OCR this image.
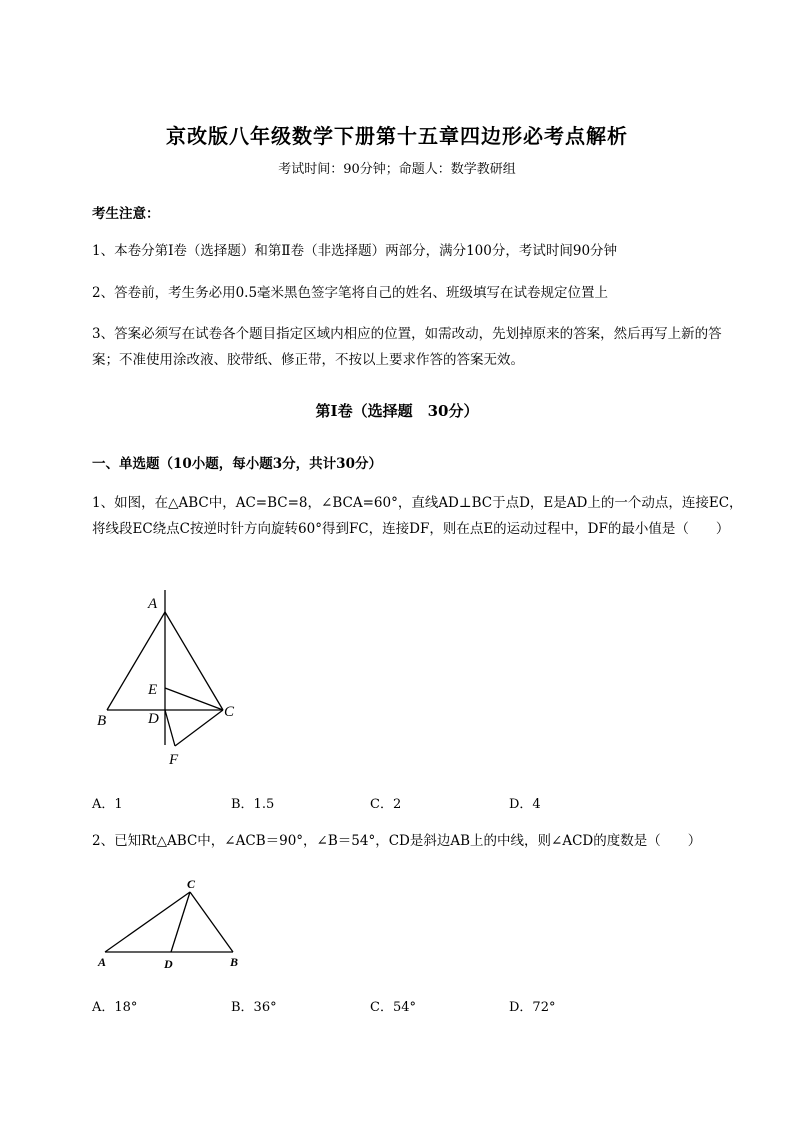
京改版八年级数学下册第十五章四边形必考点解析
考试时间：90分钟；命题人：数学教研组
考生注意：
1、本卷分第I卷（选择题）和第Ⅱ卷（非选择题）两部分，满分100分，考试时间90分钟
2、答卷前，考生务必用0.5毫米黑色签字笔将自己的姓名、班级填写在试卷规定位置上
3、答案必须写在试卷各个题目指定区域内相应的位置，如需改动，先划掉原来的答案，然后再写上新的答案；不准使用涂改液、胶带纸、修正带，不按以上要求作答的答案无效。
第I卷（选择题　30分）
一、单选题（10小题，每小题3分，共计30分）
1、如图，在△ABC中，AC=BC=8，∠BCA=60°，直线AD⊥BC于点D，E是AD上的一个动点，连接EC，将线段EC绕点C按逆时针方向旋转60°得到FC，连接DF，则在点E的运动过程中，DF的最小值是（　　）
A
E
B	D	C
F
A．1	B．1.5	C．2	D．4
2、已知Rt△ABC中，∠ACB＝90°，∠B＝54°，CD是斜边AB上的中线，则∠ACD的度数是（　　）
C
A	D	B
A．18°	B．36°	C．54°	D．72°
